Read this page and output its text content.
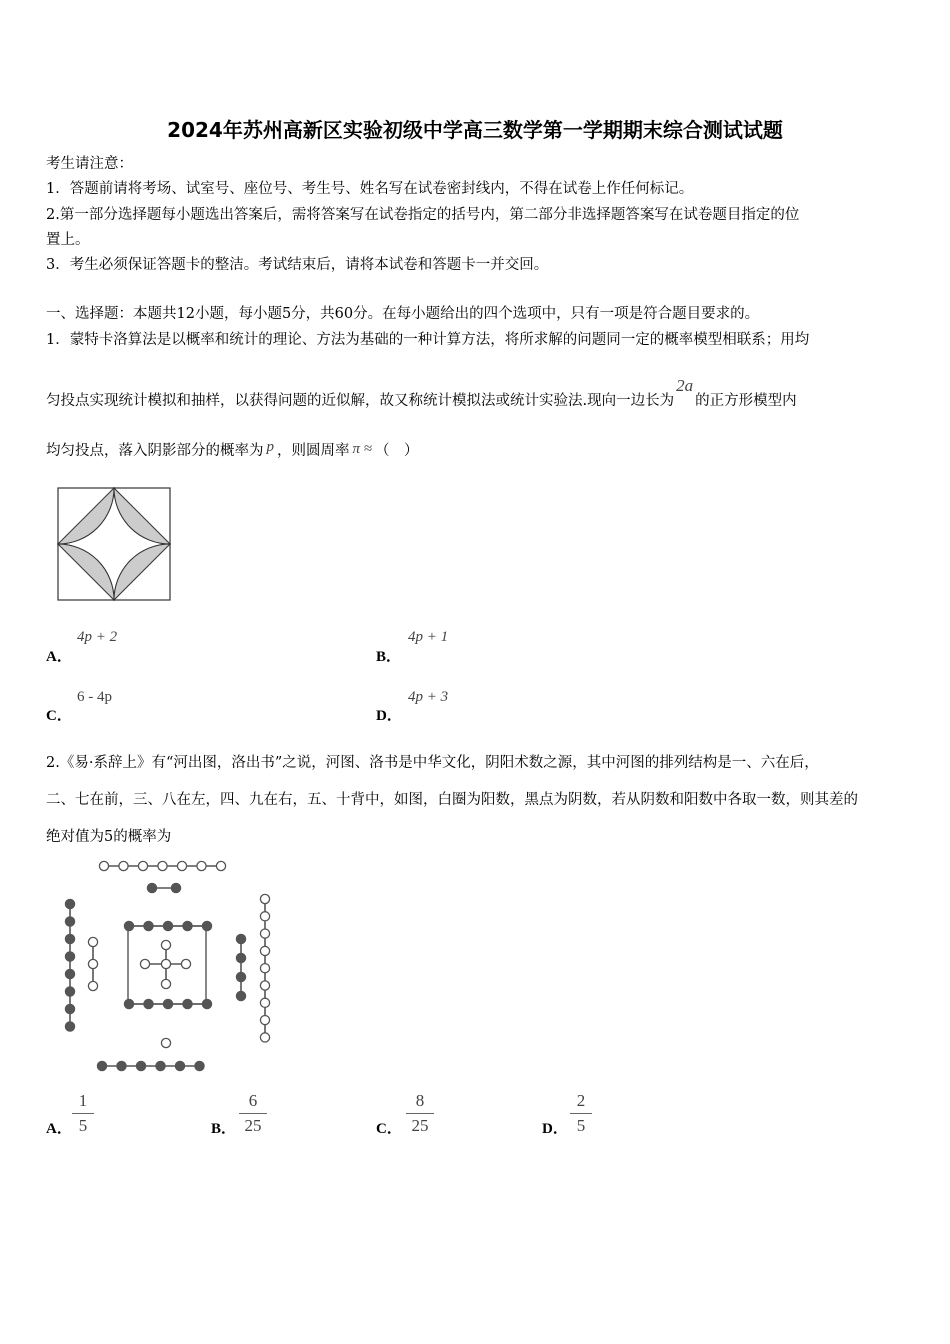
2024年苏州高新区实验初级中学高三数学第一学期期末综合测试试题
考生请注意：
1．答题前请将考场、试室号、座位号、考生号、姓名写在试卷密封线内，不得在试卷上作任何标记。
2.第一部分选择题每小题选出答案后，需将答案写在试卷指定的括号内，第二部分非选择题答案写在试卷题目指定的位
置上。
3．考生必须保证答题卡的整洁。考试结束后，请将本试卷和答题卡一并交回。
一、选择题：本题共12小题，每小题5分，共60分。在每小题给出的四个选项中，只有一项是符合题目要求的。
1．蒙特卡洛算法是以概率和统计的理论、方法为基础的一种计算方法，将所求解的问题同一定的概率模型相联系；用均
匀投点实现统计模拟和抽样，以获得问题的近似解，故又称统计模拟法或统计实验法.现向一边长为2a的正方形模型内
均匀投点，落入阴影部分的概率为 p ，则圆周率 π ≈ （　）
A．
4p + 2
B．
4p + 1
C．
6 - 4p
D．
4p + 3
2.《易·系辞上》有“河出图，洛出书”之说，河图、洛书是中华文化，阴阳术数之源，其中河图的排列结构是一、六在后，
二、七在前，三、八在左，四、九在右，五、十背中，如图，白圈为阳数，黑点为阴数，若从阴数和阳数中各取一数，则其差的
绝对值为5的概率为
A．
1
5	B．
6
25	C．
8
25	D．
2
5
